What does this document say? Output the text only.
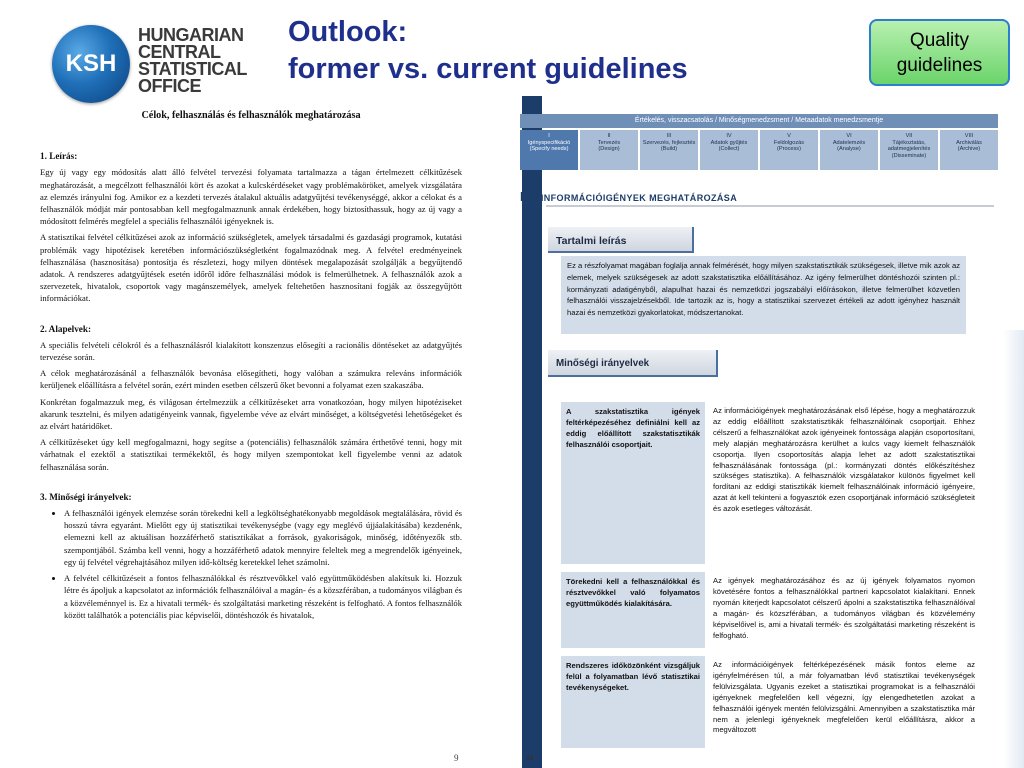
KSH
HUNGARIAN
CENTRAL
STATISTICAL
OFFICE
Outlook:
former vs. current guidelines
Quality guidelines
Célok, felhasználás és felhasználók meghatározása
1. Leírás:

Egy új vagy egy módosítás alatt álló felvétel tervezési folyamata tartalmazza a tágan értelmezett célkitűzések meghatározását, a megcélzott felhasználói kört és azokat a kulcskérdéseket vagy problémaköröket, amelyek vizsgálatára az elemzés irányulni fog. Amikor ez a kezdeti tervezés átalakul aktuális adatgyűjtési tevékenységgé, akkor a célokat és a felhasználók módját már pontosabban kell megfogalmaznunk annak érdekében, hogy biztosíthassuk, hogy az új vagy a módosított felmérés megfelel a speciális felhasználói igényeknek is.

A statisztikai felvétel célkitűzései azok az információ szükségletek, amelyek társadalmi és gazdasági programok, kutatási problémák vagy hipotézisek keretében információszükségletként fogalmazódnak meg. A felvétel eredményeinek felhasználása (hasznosítása) pontosítja és részletezi, hogy milyen döntések megalapozását szolgálják a begyűjtendő adatok. A rendszeres adatgyűjtések esetén időről időre felhasználási módok is felmerülhetnek. A felhasználók azok a szervezetek, hivatalok, csoportok vagy magánszemélyek, amelyek feltehetően hasznosítani fogják az összegyűjtött információkat.

2. Alapelvek:

A speciális felvételi célokról és a felhasználásról kialakított konszenzus elősegíti a racionális döntéseket az adatgyűjtés tervezése során.

A célok meghatározásánál a felhasználók bevonása elősegítheti, hogy valóban a számukra releváns információk kerüljenek előállításra a felvétel során, ezért minden esetben célszerű őket bevonni a folyamat ezen szakaszába.

Konkrétan fogalmazzuk meg, és világosan értelmezzük a célkitűzéseket arra vonatkozóan, hogy milyen hipotéziseket akarunk tesztelni, és milyen adatigényeink vannak, figyelembe véve az elvárt minőséget, a költségvetési lehetőségeket és az elvárt határidőket.

A célkitűzéseket úgy kell megfogalmazni, hogy segítse a (potenciális) felhasználók számára érthetővé tenni, hogy mit várhatnak el ezektől a statisztikai termékektől, és hogy milyen szempontokat kell figyelembe venni az adatok felhasználása során.

3. Minőségi irányelvek:
• A felhasználói igények elemzése során törekedni kell a legköltséghatékonyabb megoldások megtalálására, rövid és hosszú távra egyaránt. Mielőtt egy új statisztikai tevékenységbe (vagy egy meglévő újjáalakításába) kezdenénk, elemezni kell az aktuálisan hozzáférhető statisztikákat a források, gyakoriságok, minőség, időtényezők stb. szempontjából. Számba kell venni, hogy a hozzáférhető adatok mennyire feleltek meg a megrendelők igényeinek, egy új felvétel végrehajtásához milyen idő-költség keretekkel lehet számolni.
• A felvétel célkitűzéseit a fontos felhasználókkal és résztvevőkkel való együttműködésben alakítsuk ki. Hozzuk létre és ápoljuk a kapcsolatot az információk felhasználóival a magán- és a közszférában, a tudományos világban és a közvéleménnyel is. Ez a hivatali termék- és szolgáltatási marketing részeként is felfogható. A fontos felhasználók között találhatók a potenciális piac képviselői, döntéshozók és hivatalok,
9
Értékelés, visszacsatolás / Minőségmenedzsment / Metaadatok menedzsmentje
I
Igényspecifikáció
(Specify needs)
II
Tervezés
(Design)
III
Szervezés, fejlesztés
(Build)
IV
Adatok gyűjtés
(Collect)
V
Feldolgozás
(Process)
VI
Adatelemzés
(Analyse)
VII
Tájékoztatás, adatmegjelenítés
(Disseminate)
VIII
Archiválás
(Archive)
I.1. INFORMÁCIÓIGÉNYEK MEGHATÁROZÁSA
Tartalmi leírás
Ez a részfolyamat magában foglalja annak felmérését, hogy milyen szakstatisztikák szükségesek, illetve mik azok az elemek, melyek szükségesek az adott szakstatisztika előállításához. Az igény felmerülhet döntéshozói szinten pl.: kormányzati adatigényből, alapulhat hazai és nemzetközi jogszabályi előírásokon, illetve felmerülhet közvetlen felhasználói visszajelzésekből. Ide tartozik az is, hogy a statisztikai szervezet értékeli az adott igényhez használt hazai és nemzetközi gyakorlatokat, módszertanokat.
Minőségi irányelvek
A szakstatisztika igények feltérképezéséhez definiálni kell az eddig előállított szakstatisztikák felhasználói csoportjait.
Az információigények meghatározásának első lépése, hogy a meghatározzuk az eddig előállított szakstatisztikák felhasználóinak csoportjait. Ehhez célszerű a felhasználókat azok igényeinek fontossága alapján csoportosítani, mely alapján meghatározásra kerülhet a kulcs vagy kiemelt felhasználók csoportja. Ilyen csoportosítás alapja lehet az adott szakstatisztikai felhasználásának fontossága (pl.: kormányzati döntés előkészítéshez szükséges statisztika). A felhasználók vizsgálatakor különös figyelmet kell fordítani az eddigi statisztikák kiemelt felhasználóinak információ igényeire, azat át kell tekinteni a fogyasztók ezen csoportjának információ szükségleteit és azok esetleges változását.
Törekedni kell a felhasználókkal és résztvevőkkel való folyamatos együttműködés kialakítására.
Az igények meghatározásához és az új igények folyamatos nyomon követésére fontos a felhasználókkal partneri kapcsolatot kialakítani. Ennek nyomán kiterjedt kapcsolatot célszerű ápolni a szakstatisztika felhasználóival a magán- és közszférában, a tudományos világban és közvélemény képviselőivel is, ami a hivatali termék- és szolgáltatási marketing részeként is felfogható.
Rendszeres időközönként vizsgáljuk felül a folyamatban lévő statisztikai tevékenységeket.
Az információigények feltérképezésének másik fontos eleme az igényfelmérésen túl, a már folyamatban lévő statisztikai tevékenységek felülvizsgálata. Ugyanis ezeket a statisztikai programokat is a felhasználói igényeknek megfelelően kell végezni, így elengedhetetlen azokat a felhasználói igények mentén felülvizsgálni. Amennyiben a szakstatisztika már nem a jelenlegi igényeknek megfelelően kerül előállításra, akkor a megváltozott
16
